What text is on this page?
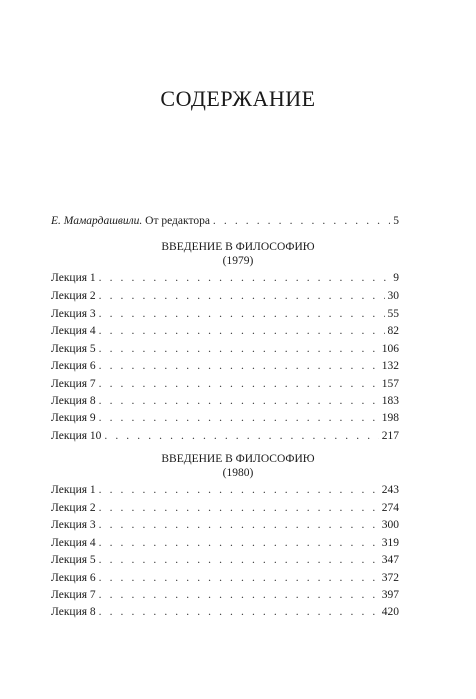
СОДЕРЖАНИЕ
Е. Мамардашвили. От редактора . . .	5
ВВЕДЕНИЕ В ФИЛОСОФИЮ
(1979)
Лекция 1 . . .	9
Лекция 2 . . .	30
Лекция 3 . . .	55
Лекция 4 . . .	82
Лекция 5 . . .	106
Лекция 6 . . .	132
Лекция 7 . . .	157
Лекция 8 . . .	183
Лекция 9 . . .	198
Лекция 10 . . .	217
ВВЕДЕНИЕ В ФИЛОСОФИЮ
(1980)
Лекция 1 . . .	243
Лекция 2 . . .	274
Лекция 3 . . .	300
Лекция 4 . . .	319
Лекция 5 . . .	347
Лекция 6 . . .	372
Лекция 7 . . .	397
Лекция 8 . . .	420
